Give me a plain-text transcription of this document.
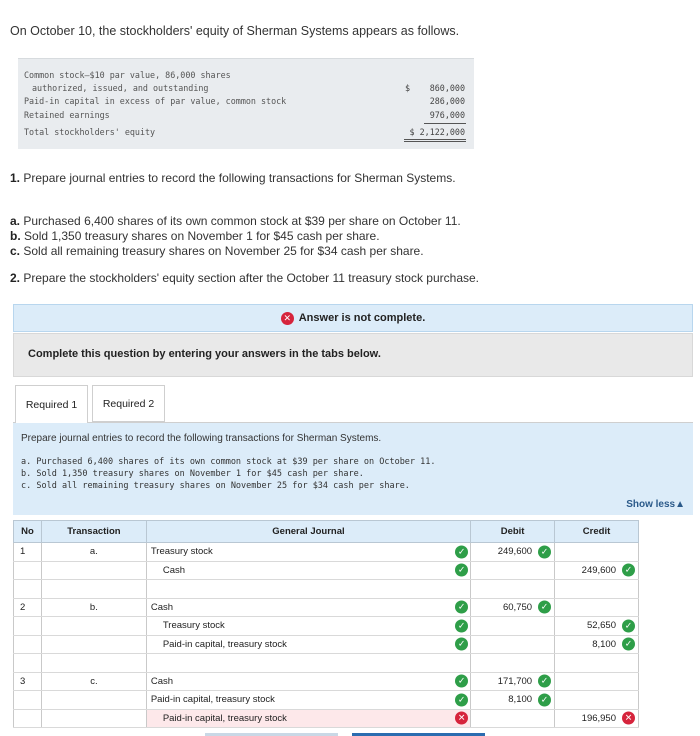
On October 10, the stockholders' equity of Sherman Systems appears as follows.
Common stock—$10 par value, 86,000 shares
authorized, issued, and outstanding	$	860,000
Paid-in capital in excess of par value, common stock	286,000
Retained earnings	976,000
Total stockholders' equity	$ 2,122,000
1. Prepare journal entries to record the following transactions for Sherman Systems.
a. Purchased 6,400 shares of its own common stock at $39 per share on October 11.
b. Sold 1,350 treasury shares on November 1 for $45 cash per share.
c. Sold all remaining treasury shares on November 25 for $34 cash per share.
2. Prepare the stockholders' equity section after the October 11 treasury stock purchase.
✕ Answer is not complete.
Complete this question by entering your answers in the tabs below.
Required 1	Required 2
Prepare journal entries to record the following transactions for Sherman Systems.
a. Purchased 6,400 shares of its own common stock at $39 per share on October 11.
b. Sold 1,350 treasury shares on November 1 for $45 cash per share.
c. Sold all remaining treasury shares on November 25 for $34 cash per share.
Show less▲
No	Transaction	General Journal	Debit	Credit
1	a.	Treasury stock ✓	249,600 ✓	

		Cash ✓		249,600 ✓

2	b.	Cash ✓	60,750 ✓	

		Treasury stock ✓		52,650 ✓

		Paid-in capital, treasury stock ✓		8,100 ✓

3	c.	Cash ✓	171,700 ✓	

		Paid-in capital, treasury stock ✓	8,100 ✓	

		Paid-in capital, treasury stock ✕		196,950 ✕
